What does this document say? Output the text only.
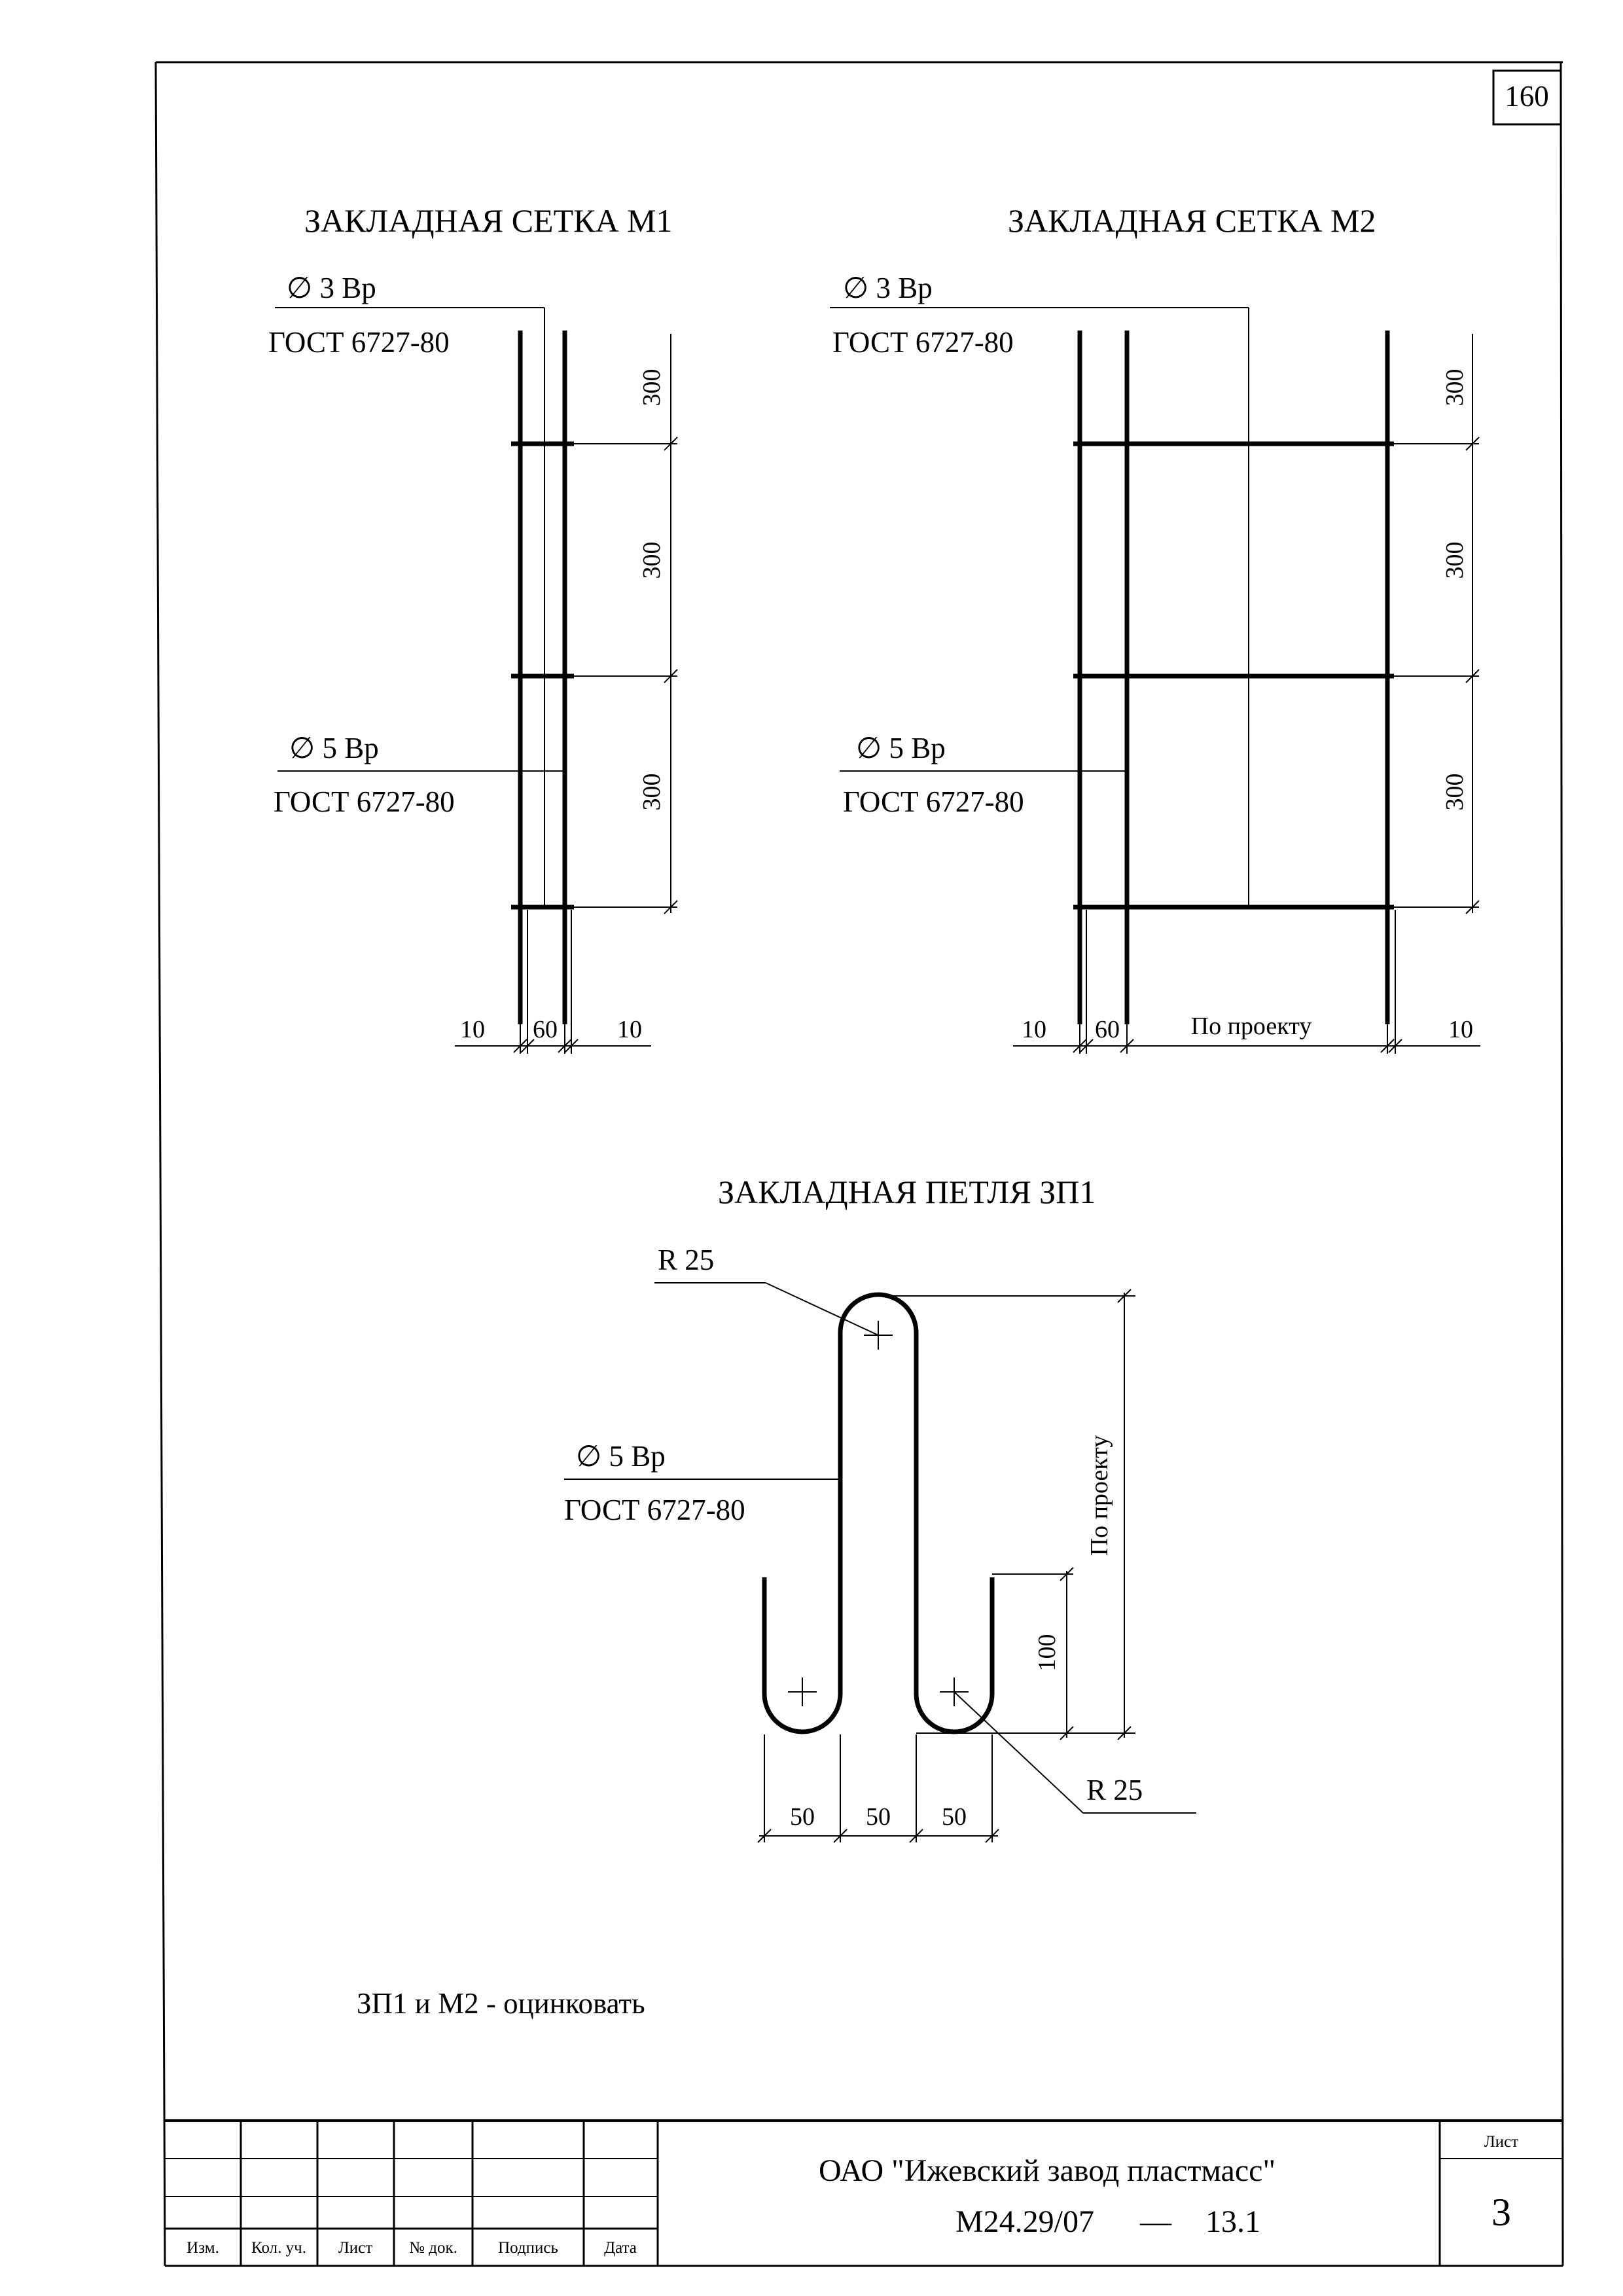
160
ЗАКЛАДНАЯ СЕТКА М1
∅ 3 Вр
ГОСТ 6727-80
∅ 5 Вр
ГОСТ 6727-80
300
300
300
10 60 10
ЗАКЛАДНАЯ СЕТКА М2
∅ 3 Вр
ГОСТ 6727-80
∅ 5 Вр
ГОСТ 6727-80
300
300
300
10 60	По проекту	10
ЗАКЛАДНАЯ ПЕТЛЯ ЗП1
R 25
R 25
∅ 5 Вр
ГОСТ 6727-80	По проекту
100
50 50 50
ЗП1 и М2 - оцинковать
Изм. Кол. уч. Лист № док. Подпись	Дата
ОАО "Ижевский завод пластмасс"
М24.29/07 — 13.1
Лист
3
